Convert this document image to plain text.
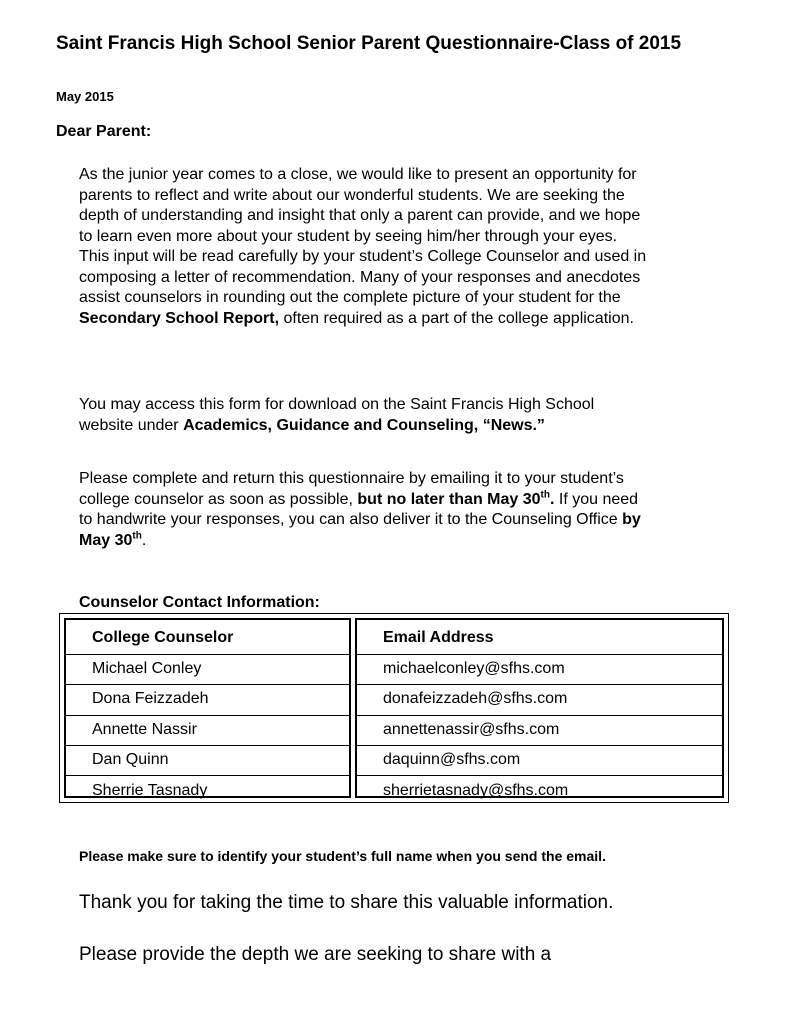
Saint Francis High School Senior Parent Questionnaire-Class of 2015
May 2015
Dear Parent:
As the junior year comes to a close, we would like to present an opportunity for parents to reflect and write about our wonderful students. We are seeking the depth of understanding and insight that only a parent can provide, and we hope to learn even more about your student by seeing him/her through your eyes. This input will be read carefully by your student’s College Counselor and used in composing a letter of recommendation. Many of your responses and anecdotes assist counselors in rounding out the complete picture of your student for the Secondary School Report, often required as a part of the college application.
You may access this form for download on the Saint Francis High School website under Academics, Guidance and Counseling, “News.”
Please complete and return this questionnaire by emailing it to your student’s college counselor as soon as possible, but no later than May 30th. If you need to handwrite your responses, you can also deliver it to the Counseling Office by May 30th.
Counselor Contact Information:
College Counselor	Email Address
Michael Conley	michaelconley@sfhs.com
Dona Feizzadeh	donafeizzadeh@sfhs.com
Annette Nassir	annettenassir@sfhs.com
Dan Quinn	daquinn@sfhs.com
Sherrie Tasnady	sherrietasnady@sfhs.com
Please make sure to identify your student’s full name when you send the email.
Thank you for taking the time to share this valuable information.
Please provide the depth we are seeking to share with a
